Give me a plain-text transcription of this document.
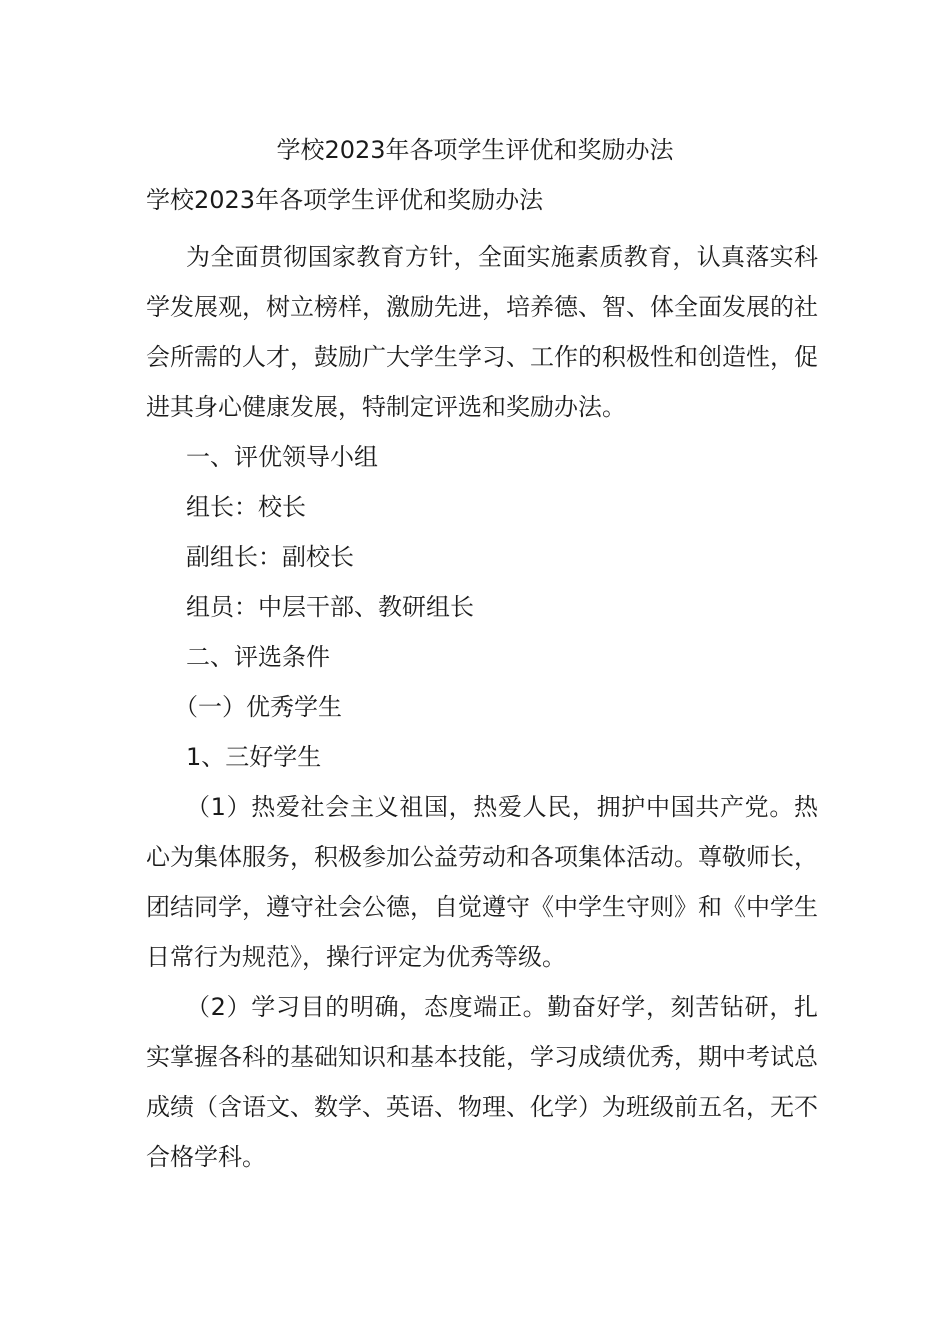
学校2023年各项学生评优和奖励办法
学校2023年各项学生评优和奖励办法

为全面贯彻国家教育方针，全面实施素质教育，认真落实科学发展观，树立榜样，激励先进，培养德、智、体全面发展的社会所需的人才，鼓励广大学生学习、工作的积极性和创造性，促进其身心健康发展，特制定评选和奖励办法。

一、评优领导小组

组长：校长

副组长：副校长

组员：中层干部、教研组长

二、评选条件

（一）优秀学生

1、三好学生

（1）热爱社会主义祖国，热爱人民，拥护中国共产党。热心为集体服务，积极参加公益劳动和各项集体活动。尊敬师长，团结同学，遵守社会公德，自觉遵守《中学生守则》和《中学生日常行为规范》，操行评定为优秀等级。

（2）学习目的明确，态度端正。勤奋好学，刻苦钻研，扎实掌握各科的基础知识和基本技能，学习成绩优秀，期中考试总成绩（含语文、数学、英语、物理、化学）为班级前五名，无不合格学科。
